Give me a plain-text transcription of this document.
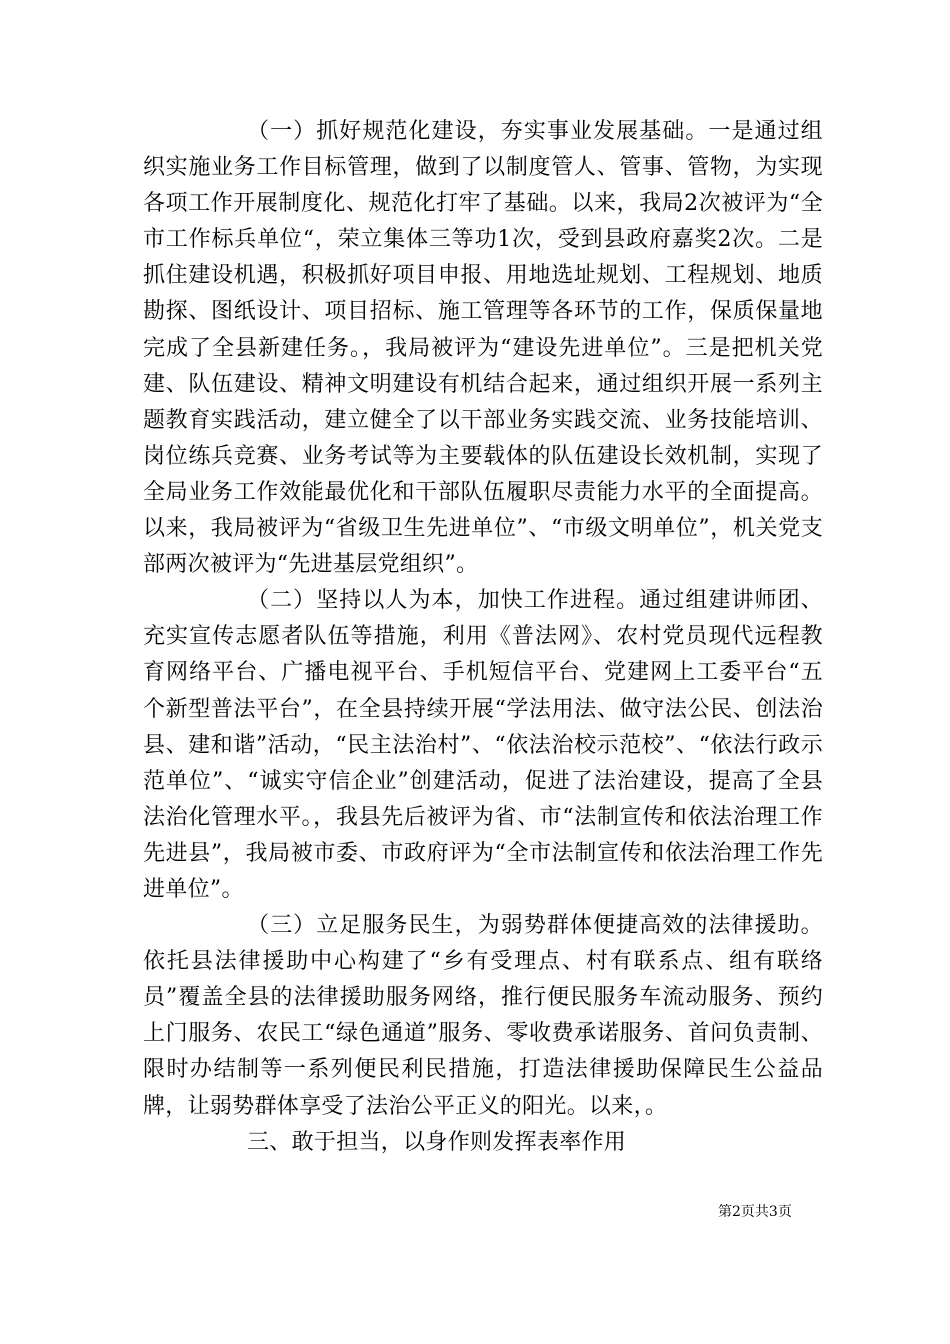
（一）抓好规范化建设，夯实事业发展基础。一是通过组织实施业务工作目标管理，做到了以制度管人、管事、管物，为实现各项工作开展制度化、规范化打牢了基础。以来，我局2次被评为“全市工作标兵单位“，荣立集体三等功1次，受到县政府嘉奖2次。二是抓住建设机遇，积极抓好项目申报、用地选址规划、工程规划、地质勘探、图纸设计、项目招标、施工管理等各环节的工作，保质保量地完成了全县新建任务。，我局被评为“建设先进单位”。三是把机关党建、队伍建设、精神文明建设有机结合起来，通过组织开展一系列主题教育实践活动，建立健全了以干部业务实践交流、业务技能培训、岗位练兵竞赛、业务考试等为主要载体的队伍建设长效机制，实现了全局业务工作效能最优化和干部队伍履职尽责能力水平的全面提高。以来，我局被评为“省级卫生先进单位”、“市级文明单位”，机关党支部两次被评为“先进基层党组织”。

（二）坚持以人为本，加快工作进程。通过组建讲师团、充实宣传志愿者队伍等措施，利用《普法网》、农村党员现代远程教育网络平台、广播电视平台、手机短信平台、党建网上工委平台“五个新型普法平台”，在全县持续开展“学法用法、做守法公民、创法治县、建和谐”活动，“民主法治村”、“依法治校示范校”、“依法行政示范单位”、“诚实守信企业”创建活动，促进了法治建设，提高了全县法治化管理水平。，我县先后被评为省、市“法制宣传和依法治理工作先进县”，我局被市委、市政府评为“全市法制宣传和依法治理工作先进单位”。

（三）立足服务民生，为弱势群体便捷高效的法律援助。依托县法律援助中心构建了“乡有受理点、村有联系点、组有联络员”覆盖全县的法律援助服务网络，推行便民服务车流动服务、预约上门服务、农民工“绿色通道”服务、零收费承诺服务、首问负责制、限时办结制等一系列便民利民措施，打造法律援助保障民生公益品牌，让弱势群体享受了法治公平正义的阳光。以来，。

三、敢于担当，以身作则发挥表率作用

第2页共3页
